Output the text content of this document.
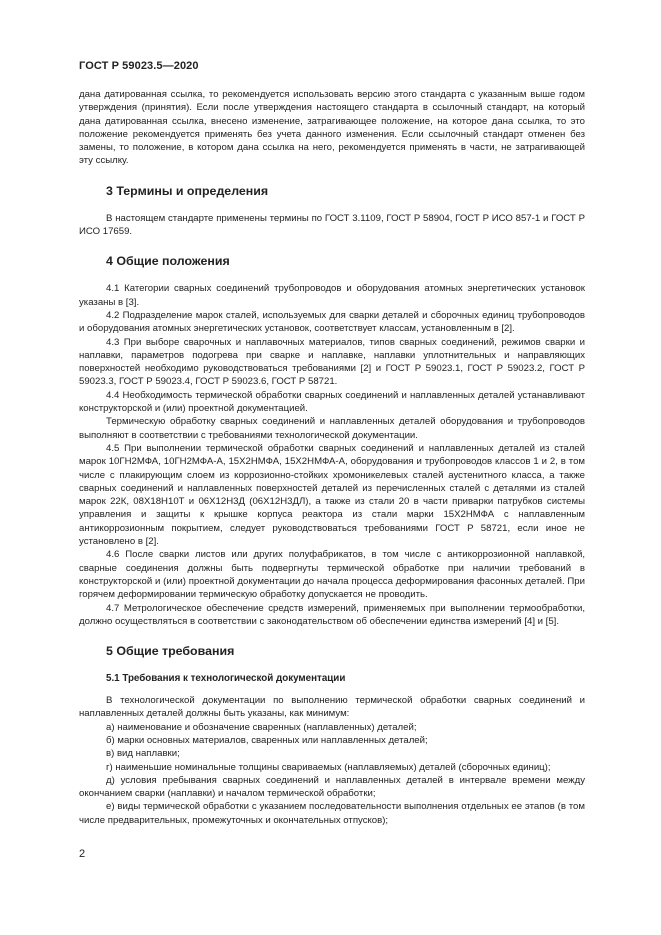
ГОСТ Р 59023.5—2020

дана датированная ссылка, то рекомендуется использовать версию этого стандарта с указанным выше годом утверждения (принятия). Если после утверждения настоящего стандарта в ссылочный стандарт, на который дана датированная ссылка, внесено изменение, затрагивающее положение, на которое дана ссылка, то это положение рекомендуется применять без учета данного изменения. Если ссылочный стандарт отменен без замены, то положение, в котором дана ссылка на него, рекомендуется применять в части, не затрагивающей эту ссылку.

3 Термины и определения

В настоящем стандарте применены термины по ГОСТ 3.1109, ГОСТ Р 58904, ГОСТ Р ИСО 857-1 и ГОСТ Р ИСО 17659.

4 Общие положения

4.1 Категории сварных соединений трубопроводов и оборудования атомных энергетических установок указаны в [3].

4.2 Подразделение марок сталей, используемых для сварки деталей и сборочных единиц трубопроводов и оборудования атомных энергетических установок, соответствует классам, установленным в [2].

4.3 При выборе сварочных и наплавочных материалов, типов сварных соединений, режимов сварки и наплавки, параметров подогрева при сварке и наплавке, наплавки уплотнительных и направляющих поверхностей необходимо руководствоваться требованиями [2] и ГОСТ Р 59023.1, ГОСТ Р 59023.2, ГОСТ Р 59023.3, ГОСТ Р 59023.4, ГОСТ Р 59023.6, ГОСТ Р 58721.

4.4 Необходимость термической обработки сварных соединений и наплавленных деталей устанавливают конструкторской и (или) проектной документацией.

Термическую обработку сварных соединений и наплавленных деталей оборудования и трубопроводов выполняют в соответствии с требованиями технологической документации.

4.5 При выполнении термической обработки сварных соединений и наплавленных деталей из сталей марок 10ГН2МФА, 10ГН2МФА-А, 15Х2НМФА, 15Х2НМФА-А, оборудования и трубопроводов классов 1 и 2, в том числе с плакирующим слоем из коррозионно-стойких хромоникелевых сталей аустенитного класса, а также сварных соединений и наплавленных поверхностей деталей из перечисленных сталей с деталями из сталей марок 22К, 08Х18Н10Т и 06Х12Н3Д (06Х12Н3ДЛ), а также из стали 20 в части приварки патрубков системы управления и защиты к крышке корпуса реактора из стали марки 15Х2НМФА с наплавленным антикоррозионным покрытием, следует руководствоваться требованиями ГОСТ Р 58721, если иное не установлено в [2].

4.6 После сварки листов или других полуфабрикатов, в том числе с антикоррозионной наплавкой, сварные соединения должны быть подвергнуты термической обработке при наличии требований в конструкторской и (или) проектной документации до начала процесса деформирования фасонных деталей. При горячем деформировании термическую обработку допускается не проводить.

4.7 Метрологическое обеспечение средств измерений, применяемых при выполнении термообработки, должно осуществляться в соответствии с законодательством об обеспечении единства измерений [4] и [5].

5 Общие требования

5.1 Требования к технологической документации

В технологической документации по выполнению термической обработки сварных соединений и наплавленных деталей должны быть указаны, как минимум:

а) наименование и обозначение сваренных (наплавленных) деталей;

б) марки основных материалов, сваренных или наплавленных деталей;

в) вид наплавки;

г) наименьшие номинальные толщины свариваемых (наплавляемых) деталей (сборочных единиц);

д) условия пребывания сварных соединений и наплавленных деталей в интервале времени между окончанием сварки (наплавки) и началом термической обработки;

е) виды термической обработки с указанием последовательности выполнения отдельных ее этапов (в том числе предварительных, промежуточных и окончательных отпусков);

2
